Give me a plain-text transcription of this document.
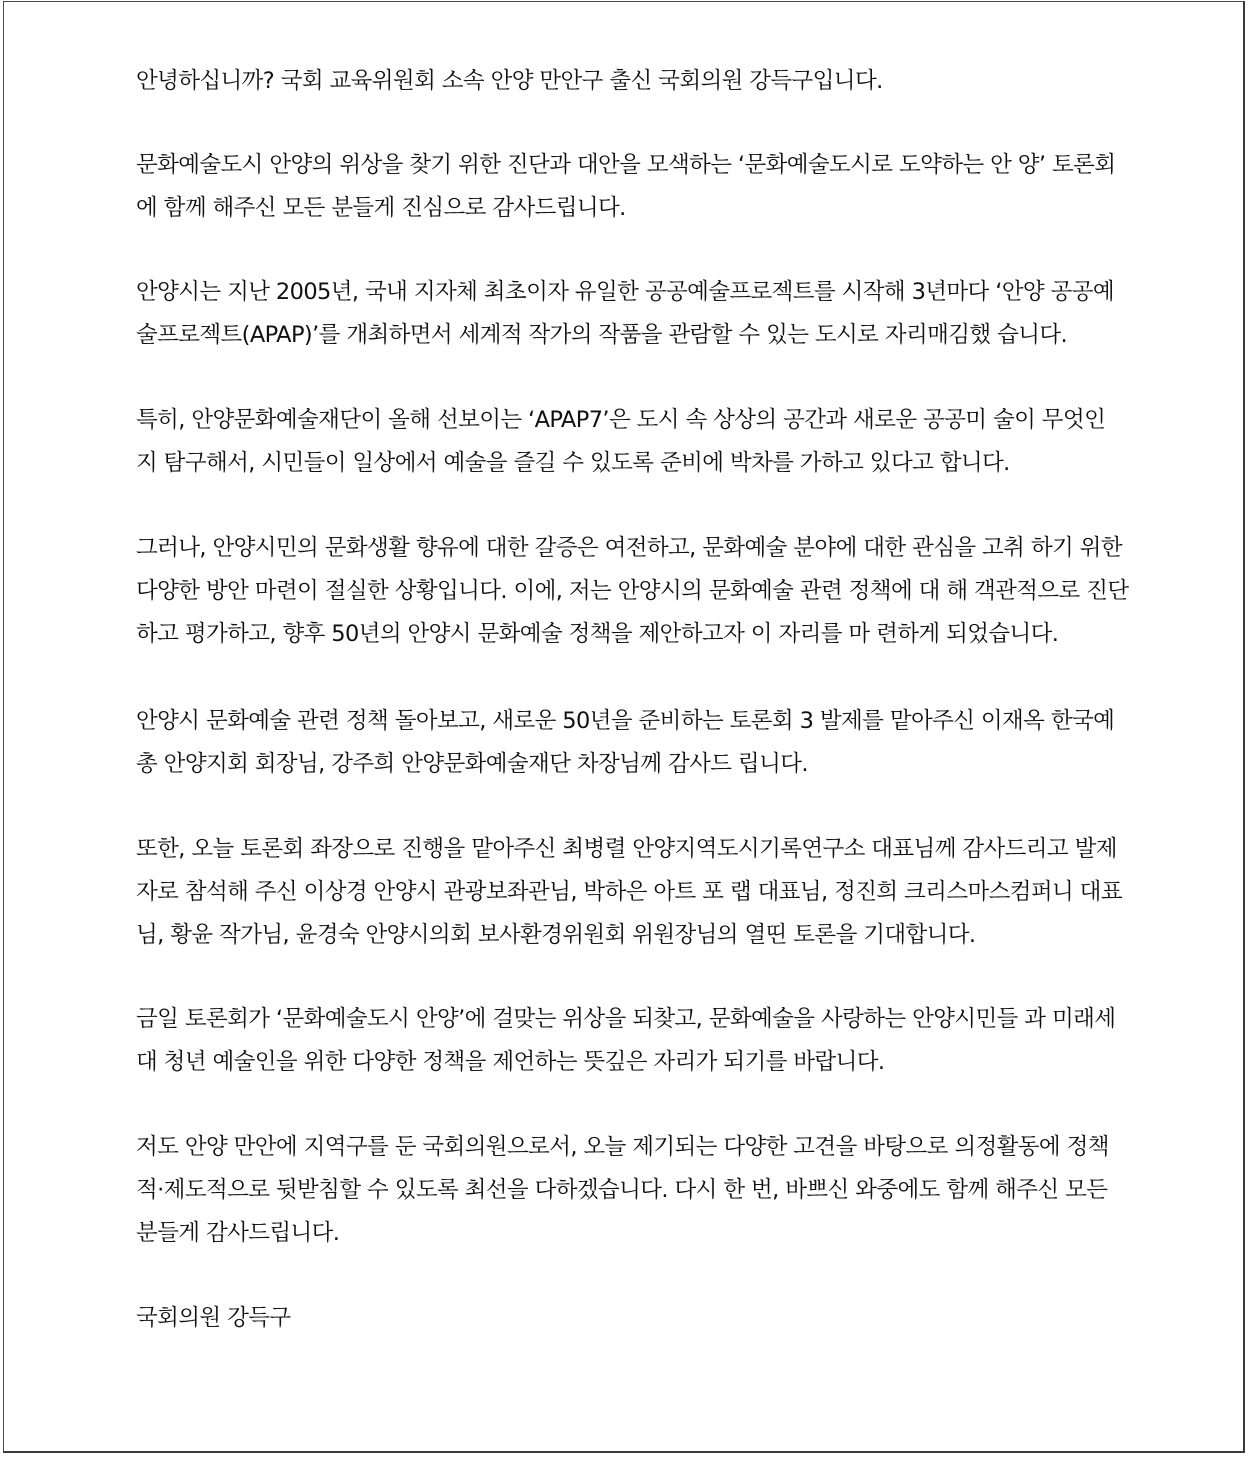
안녕하십니까? 국회 교육위원회 소속 안양 만안구 출신 국회의원 강득구입니다.

문화예술도시 안양의 위상을 찾기 위한 진단과 대안을 모색하는 ‘문화예술도시로 도약하는 안 양’ 토론회
에 함께 해주신 모든 분들게 진심으로 감사드립니다.

안양시는 지난 2005년, 국내 지자체 최초이자 유일한 공공예술프로젝트를 시작해 3년마다 ‘안양 공공예
술프로젝트(APAP)’를 개최하면서 세계적 작가의 작품을 관람할 수 있는 도시로 자리매김했 습니다.

특히, 안양문화예술재단이 올해 선보이는 ‘APAP7’은 도시 속 상상의 공간과 새로운 공공미 술이 무엇인
지 탐구해서, 시민들이 일상에서 예술을 즐길 수 있도록 준비에 박차를 가하고 있다고 합니다.

그러나, 안양시민의 문화생활 향유에 대한 갈증은 여전하고, 문화예술 분야에 대한 관심을 고취 하기 위한
다양한 방안 마련이 절실한 상황입니다. 이에, 저는 안양시의 문화예술 관련 정책에 대 해 객관적으로 진단
하고 평가하고, 향후 50년의 안양시 문화예술 정책을 제안하고자 이 자리를 마 련하게 되었습니다.

안양시 문화예술 관련 정책 돌아보고, 새로운 50년을 준비하는 토론회 3 발제를 맡아주신 이재옥 한국예
총 안양지회 회장님, 강주희 안양문화예술재단 차장님께 감사드 립니다.

또한, 오늘 토론회 좌장으로 진행을 맡아주신 최병렬 안양지역도시기록연구소 대표님께 감사드리고 발제
자로 참석해 주신 이상경 안양시 관광보좌관님, 박하은 아트 포 랩 대표님, 정진희 크리스마스컴퍼니 대표
님, 황윤 작가님, 윤경숙 안양시의회 보사환경위원회 위원장님의 열띤 토론을 기대합니다.

금일 토론회가 ‘문화예술도시 안양’에 걸맞는 위상을 되찾고, 문화예술을 사랑하는 안양시민들 과 미래세
대 청년 예술인을 위한 다양한 정책을 제언하는 뜻깊은 자리가 되기를 바랍니다.

저도 안양 만안에 지역구를 둔 국회의원으로서, 오늘 제기되는 다양한 고견을 바탕으로 의정활동에 정책
적·제도적으로 뒷받침할 수 있도록 최선을 다하겠습니다. 다시 한 번, 바쁘신 와중에도 함께 해주신 모든
분들게 감사드립니다.

국회의원 강득구
